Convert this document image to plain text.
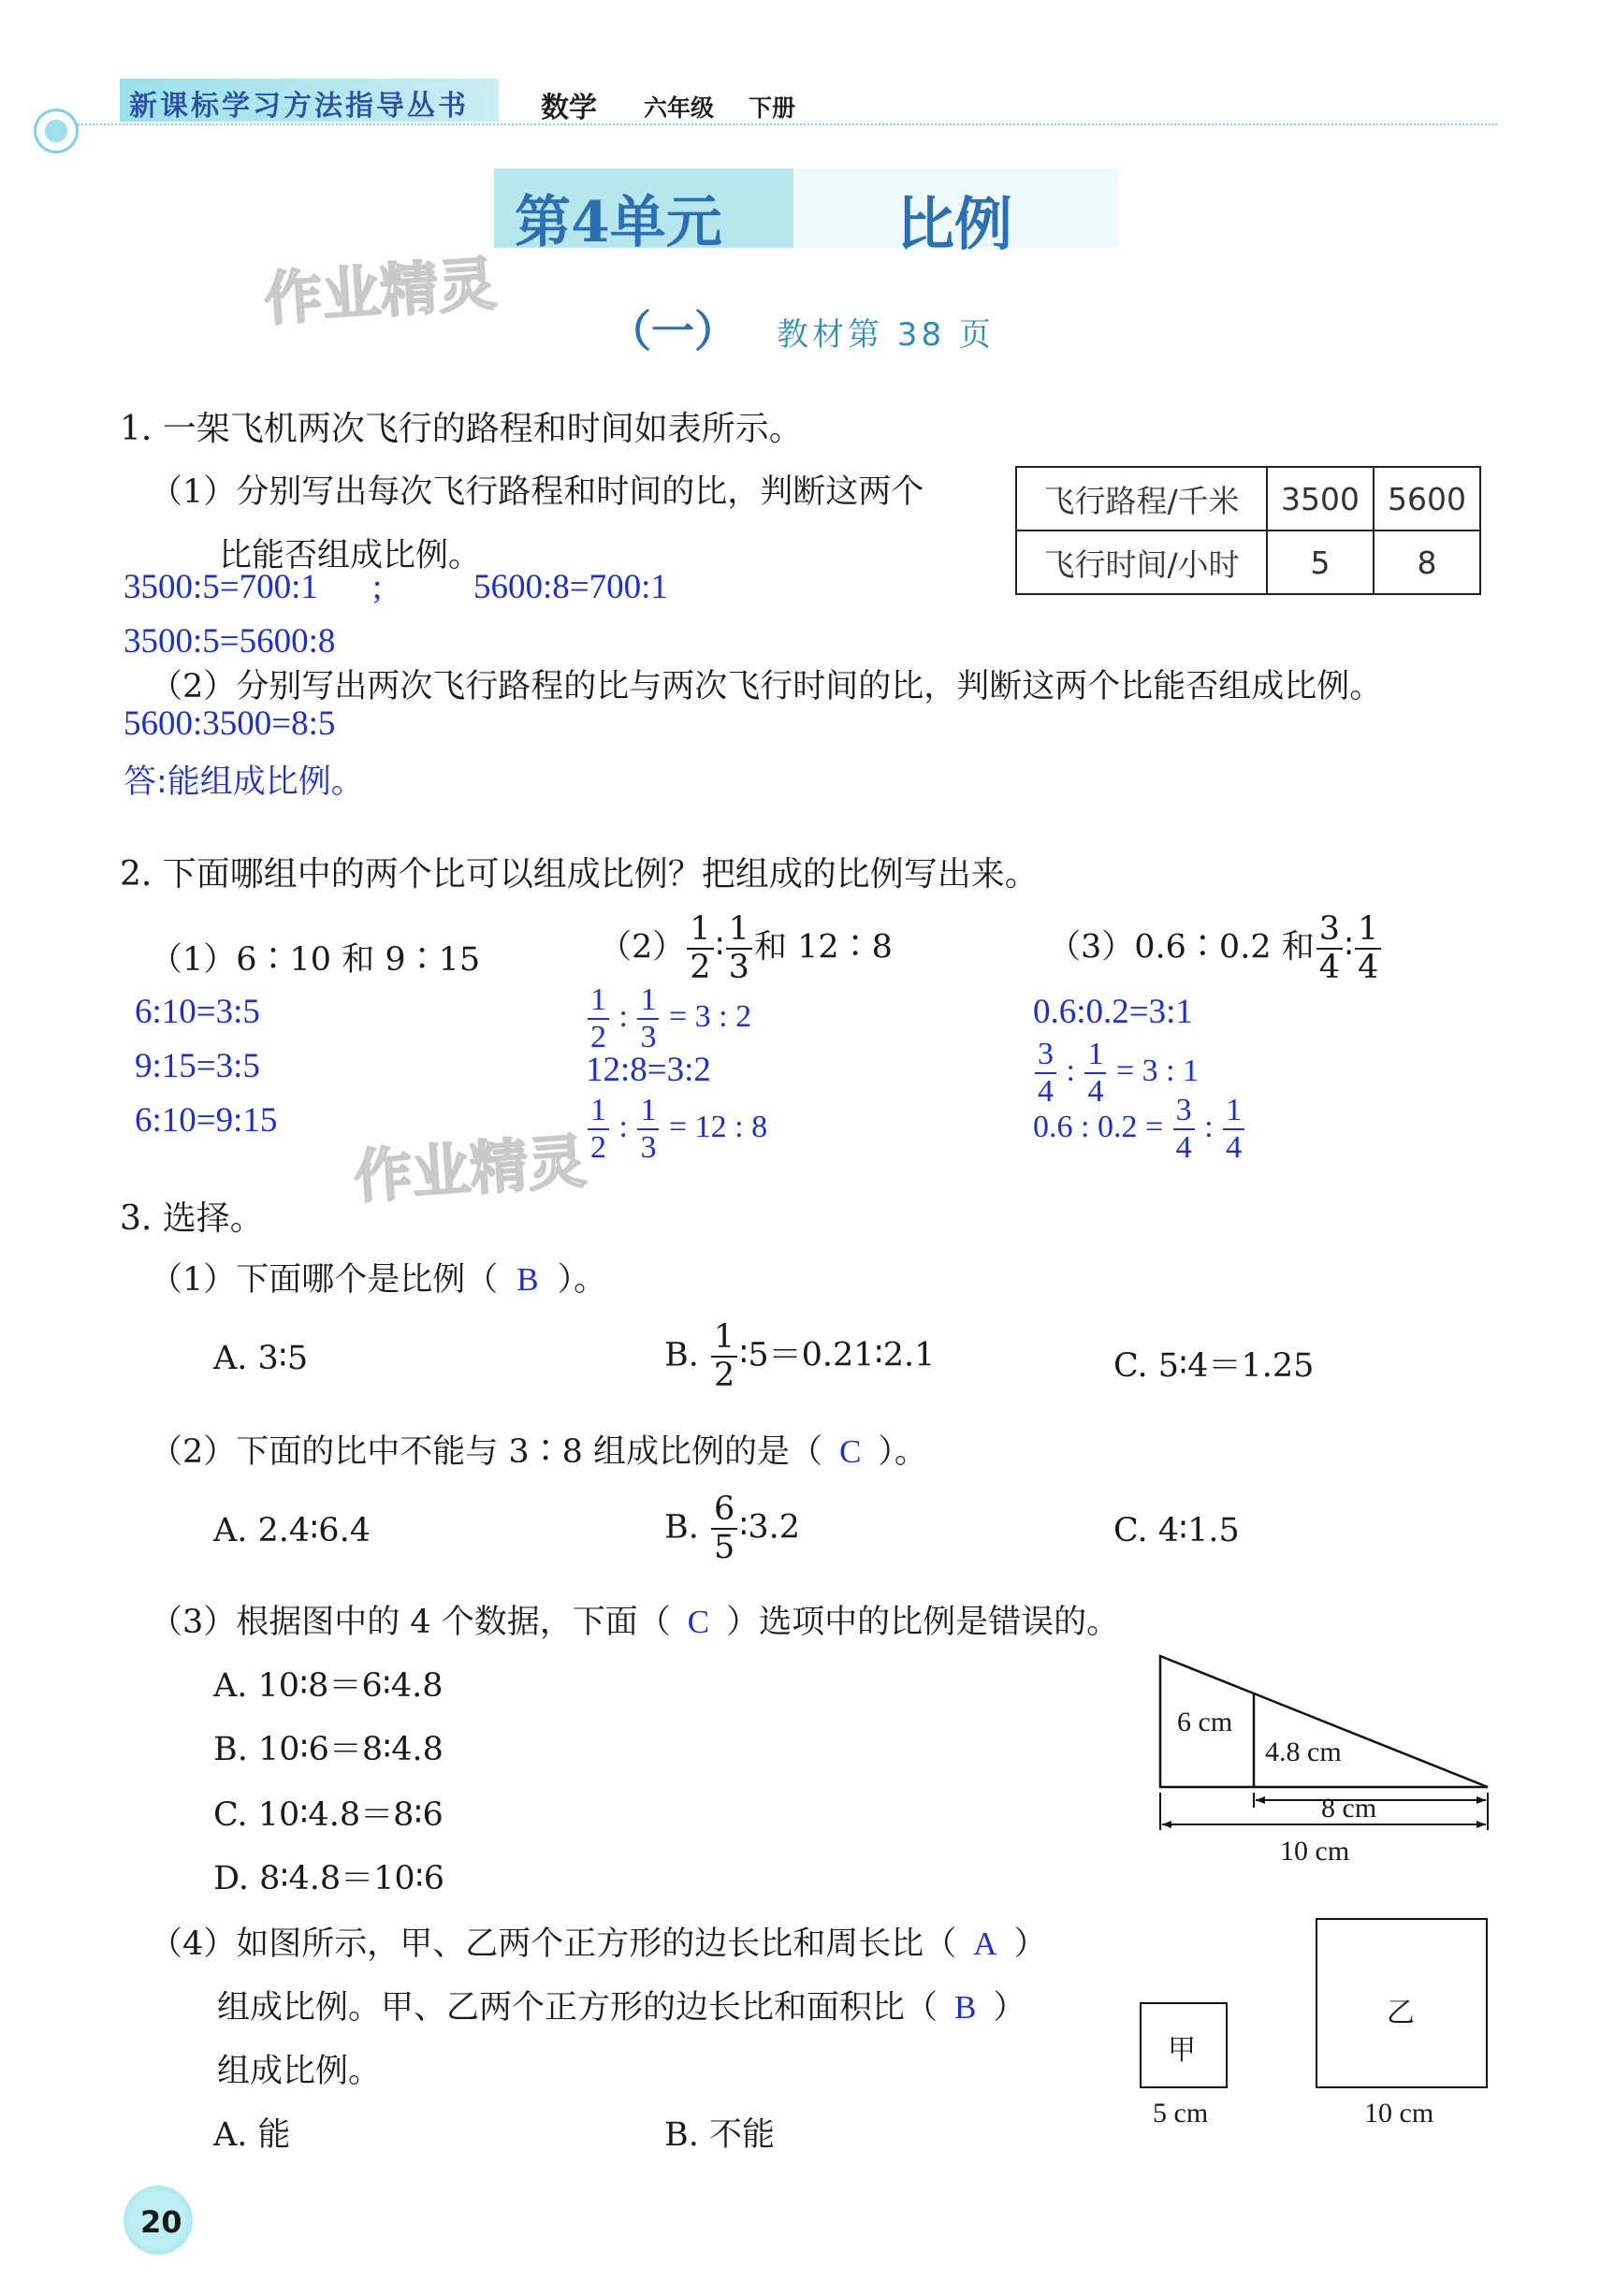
新课标学习方法指导丛书	数学 六年级 下册
第4单元	比例
（一） 教材第 38 页
作业精灵
作业精灵
1. 一架飞机两次飞行的路程和时间如表所示。
（1）分别写出每次飞行路程和时间的比，判断这两个
比能否组成比例。
3500:5=700:1 ;	5600:8=700:1
3500:5=5600:8
（2）分别写出两次飞行路程的比与两次飞行时间的比，判断这两个比能否组成比例。
5600:3500=8:5
答:能组成比例。
飞行路程/千米	3500	5600
飞行时间/小时	5	8
2. 下面哪组中的两个比可以组成比例？把组成的比例写出来。
（1）6∶10 和 9∶15	$(2) \frac{1}{2}$ ∶ $\frac{1}{3}$ 和 12∶8	（3）0.6∶0.2 和 $\frac{3}{4}$ ∶ $\frac{1}{4}$
6:10=3:5
9:15=3:5
6:10=9:15
$\frac{1}{2}$ : $\frac{1}{3} = 3$ : 2
12:8=3:2
$\frac{1}{2}$ : $\frac{1}{3} = 12$ : 8
0.6:0.2=3:1
$\frac{3}{4}$ : $\frac{1}{4} = 3$ : 1
0.6 : $0.2 = \frac{3}{4}$ : $\frac{1}{4}$
3. 选择。
（1）下面哪个是比例（ B ）。
A. 3∶5	B. $\frac{1}{2}$ ∶5＝0.21∶2.1	C. 5∶4＝1.25
（2）下面的比中不能与 3∶8 组成比例的是（ C ）。
A. 2.4∶6.4	B. $\frac{6}{5}$ ∶3.2	C. 4∶1.5
（3）根据图中的 4 个数据，下面（ C ）选项中的比例是错误的。
A. 10∶8＝6∶4.8
B. 10∶6＝8∶4.8
C. 10∶4.8＝8∶6
D. 8∶4.8＝10∶6
6 cm
4.8 cm
8 cm
10 cm
（4）如图所示，甲、乙两个正方形的边长比和周长比（ A ）
组成比例。甲、乙两个正方形的边长比和面积比（ B ）
组成比例。
A. 能	B. 不能
甲
5 cm
乙
10 cm
20
